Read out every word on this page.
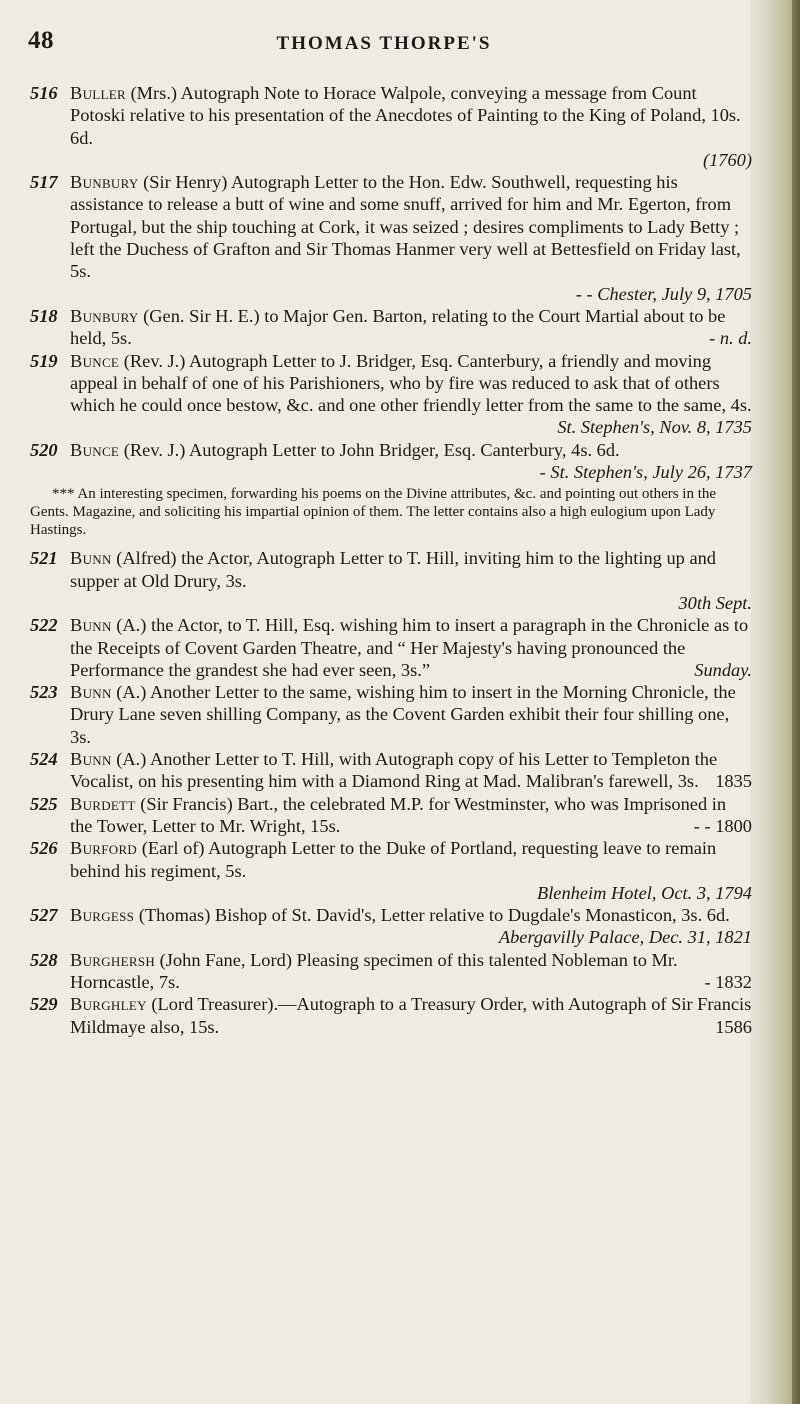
48	THOMAS THORPE'S
516 Buller (Mrs.) Autograph Note to Horace Walpole, conveying a message from Count Potoski relative to his presentation of the Anecdotes of Painting to the King of Poland, 10s. 6d.
(1760)
517 Bunbury (Sir Henry) Autograph Letter to the Hon. Edw. Southwell, requesting his assistance to release a butt of wine and some snuff, arrived for him and Mr. Egerton, from Portugal, but the ship touching at Cork, it was seized ; desires compliments to Lady Betty ; left the Duchess of Grafton and Sir Thomas Hanmer very well at Bettesfield on Friday last, 5s.
- - Chester, July 9, 1705
518 Bunbury (Gen. Sir H. E.) to Major Gen. Barton, relating to the Court Martial about to be held, 5s.	- n. d.
519 Bunce (Rev. J.) Autograph Letter to J. Bridger, Esq. Canterbury, a friendly and moving appeal in behalf of one of his Parishioners, who by fire was reduced to ask that of others which he could once bestow, &c. and one other friendly letter from the same to the same, 4s.
St. Stephen's, Nov. 8, 1735
520 Bunce (Rev. J.) Autograph Letter to John Bridger, Esq. Canterbury, 4s. 6d.
- St. Stephen's, July 26, 1737
*** An interesting specimen, forwarding his poems on the Divine attributes, &c. and pointing out others in the Gents. Magazine, and soliciting his impartial opinion of them. The letter contains also a high eulogium upon Lady Hastings.
521 Bunn (Alfred) the Actor, Autograph Letter to T. Hill, inviting him to the lighting up and supper at Old Drury, 3s.
30th Sept.
522 Bunn (A.) the Actor, to T. Hill, Esq. wishing him to insert a paragraph in the Chronicle as to the Receipts of Covent Garden Theatre, and “ Her Majesty's having pronounced the Performance the grandest she had ever seen, 3s.”	Sunday.
523 Bunn (A.) Another Letter to the same, wishing him to insert in the Morning Chronicle, the Drury Lane seven shilling Company, as the Covent Garden exhibit their four shilling one, 3s.
524 Bunn (A.) Another Letter to T. Hill, with Autograph copy of his Letter to Templeton the Vocalist, on his presenting him with a Diamond Ring at Mad. Malibran's farewell, 3s. 1835
525 Burdett (Sir Francis) Bart., the celebrated M.P. for Westminster, who was Imprisoned in the Tower, Letter to Mr. Wright, 15s.	- - 1800
526 Burford (Earl of) Autograph Letter to the Duke of Portland, requesting leave to remain behind his regiment, 5s.
Blenheim Hotel, Oct. 3, 1794
527 Burgess (Thomas) Bishop of St. David's, Letter relative to Dugdale's Monasticon, 3s. 6d.
Abergavilly Palace, Dec. 31, 1821
528 Burghersh (John Fane, Lord) Pleasing specimen of this talented Nobleman to Mr. Horncastle, 7s.	- 1832
529 Burghley (Lord Treasurer).—Autograph to a Treasury Order, with Autograph of Sir Francis Mildmaye also, 15s.	1586
